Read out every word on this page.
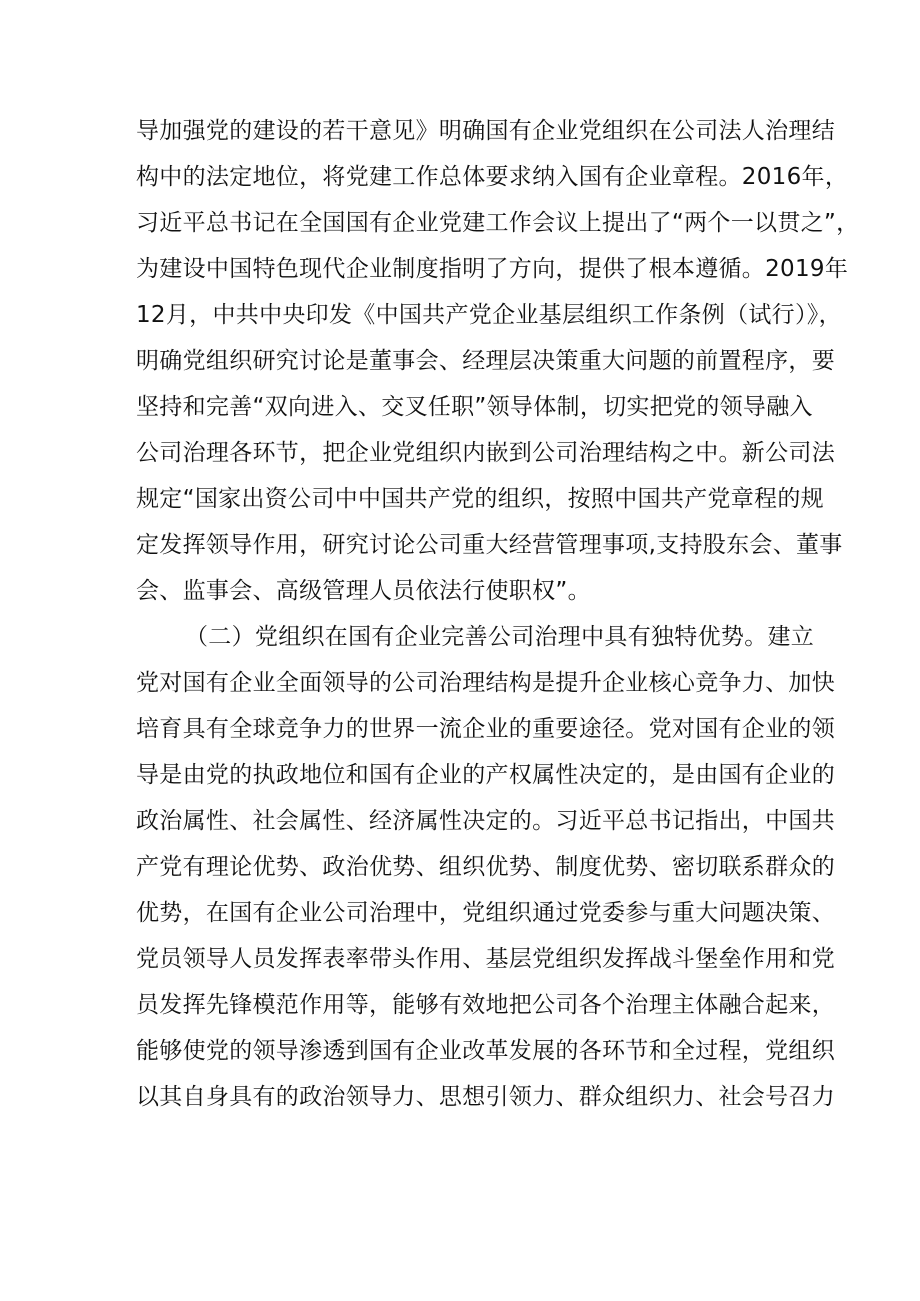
导加强党的建设的若干意见》明确国有企业党组织在公司法人治理结
构中的法定地位，将党建工作总体要求纳入国有企业章程。2016年，
习近平总书记在全国国有企业党建工作会议上提出了“两个一以贯之”，
为建设中国特色现代企业制度指明了方向，提供了根本遵循。2019年
12月，中共中央印发《中国共产党企业基层组织工作条例（试行）》，
明确党组织研究讨论是董事会、经理层决策重大问题的前置程序，要
坚持和完善“双向进入、交叉任职”领导体制，切实把党的领导融入
公司治理各环节，把企业党组织内嵌到公司治理结构之中。新公司法
规定“国家出资公司中中国共产党的组织，按照中国共产党章程的规
定发挥领导作用，研究讨论公司重大经营管理事项,支持股东会、董事
会、监事会、高级管理人员依法行使职权”。
（二）党组织在国有企业完善公司治理中具有独特优势。建立
党对国有企业全面领导的公司治理结构是提升企业核心竞争力、加快
培育具有全球竞争力的世界一流企业的重要途径。党对国有企业的领
导是由党的执政地位和国有企业的产权属性决定的，是由国有企业的
政治属性、社会属性、经济属性决定的。习近平总书记指出，中国共
产党有理论优势、政治优势、组织优势、制度优势、密切联系群众的
优势，在国有企业公司治理中，党组织通过党委参与重大问题决策、
党员领导人员发挥表率带头作用、基层党组织发挥战斗堡垒作用和党
员发挥先锋模范作用等，能够有效地把公司各个治理主体融合起来，
能够使党的领导渗透到国有企业改革发展的各环节和全过程，党组织
以其自身具有的政治领导力、思想引领力、群众组织力、社会号召力
